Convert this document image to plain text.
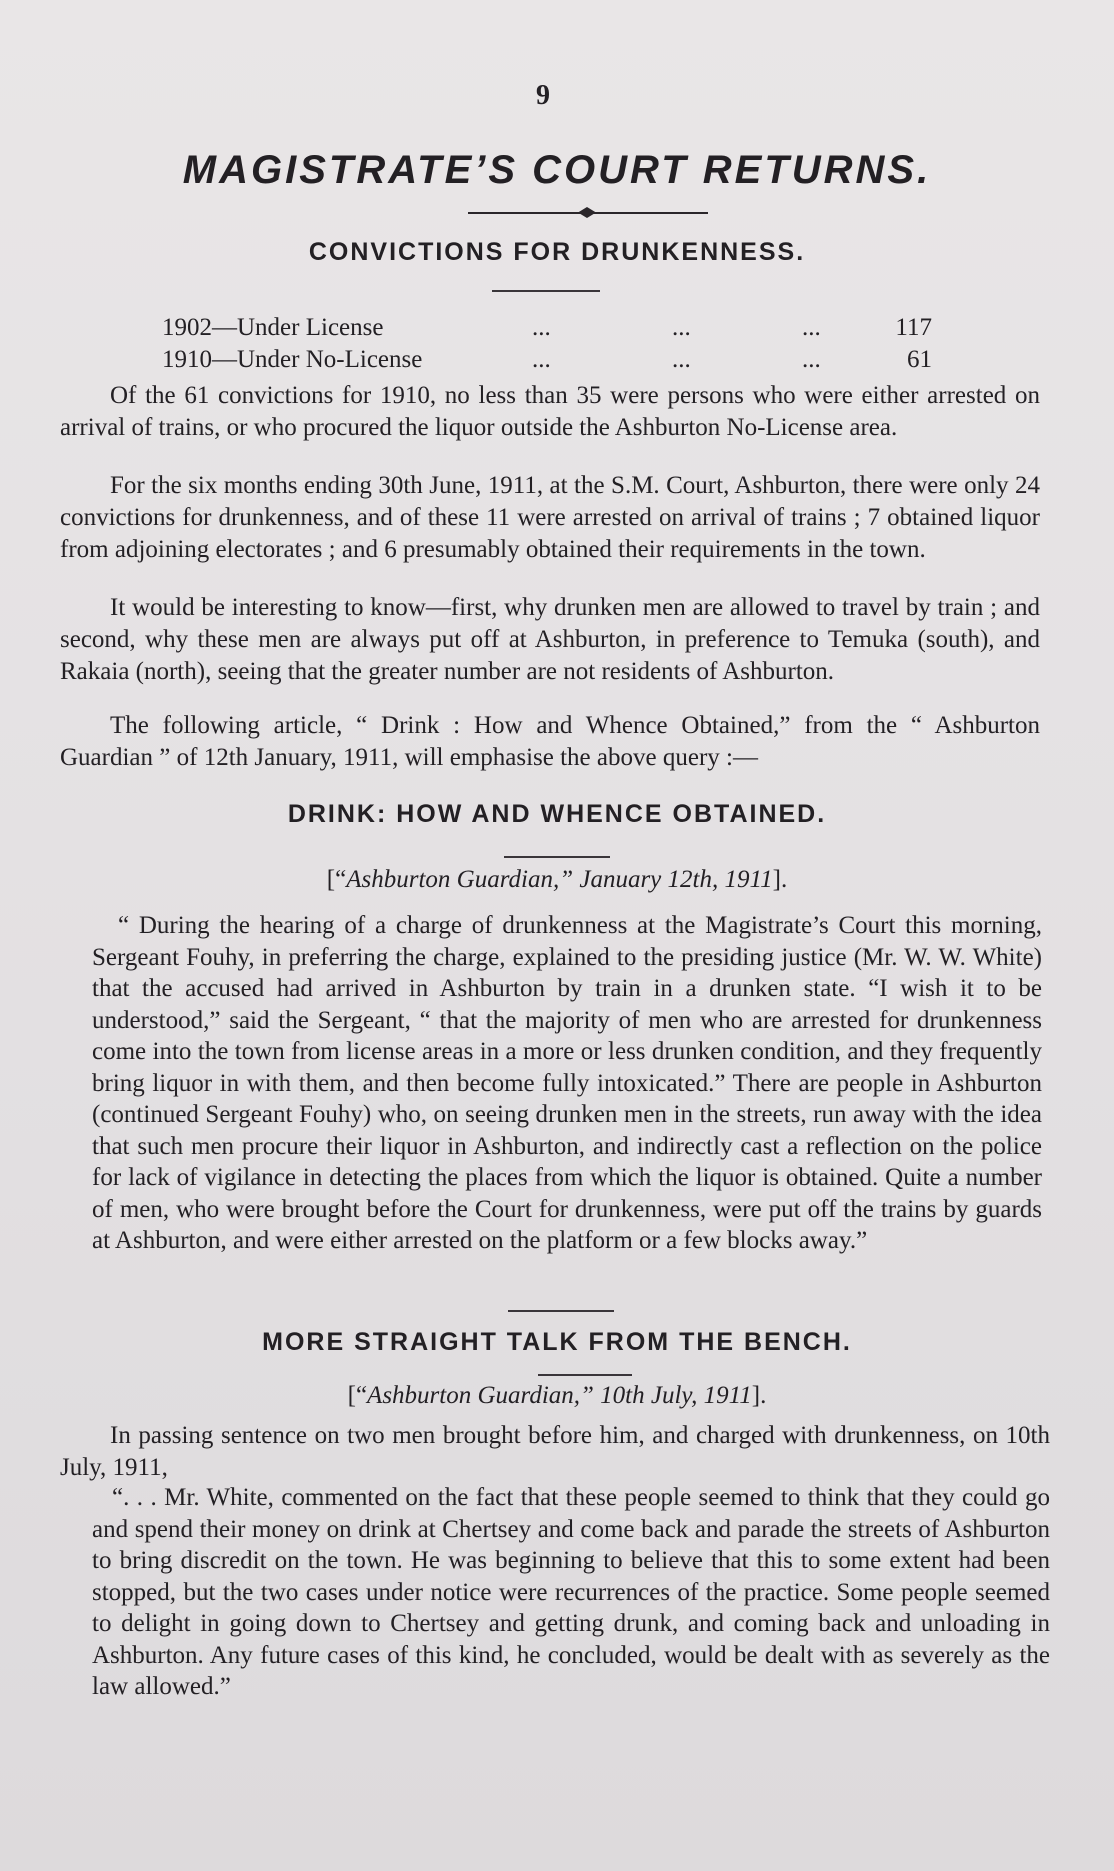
9
MAGISTRATE’S COURT RETURNS.
CONVICTIONS FOR DRUNKENNESS.
1902—Under License	...	...	...	117
1910—Under No-License	...	...	...	61

Of the 61 convictions for 1910, no less than 35 were persons who were either arrested on arrival of trains, or who procured the liquor outside the Ashburton No-License area.

For the six months ending 30th June, 1911, at the S.M. Court, Ashburton, there were only 24 convictions for drunkenness, and of these 11 were arrested on arrival of trains ; 7 obtained liquor from adjoining electorates ; and 6 presumably obtained their requirements in the town.

It would be interesting to know—first, why drunken men are allowed to travel by train ; and second, why these men are always put off at Ashburton, in preference to Temuka (south), and Rakaia (north), seeing that the greater number are not residents of Ashburton.

The following article, “ Drink : How and Whence Obtained,” from the “ Ashburton Guardian ” of 12th January, 1911, will emphasise the above query :—

DRINK: HOW AND WHENCE OBTAINED.
[“Ashburton Guardian,” January 12th, 1911].

“ During the hearing of a charge of drunkenness at the Magistrate’s Court this morning, Sergeant Fouhy, in preferring the charge, explained to the presiding justice (Mr. W. W. White) that the accused had arrived in Ashburton by train in a drunken state. “I wish it to be understood,” said the Sergeant, “ that the majority of men who are arrested for drunkenness come into the town from license areas in a more or less drunken condition, and they frequently bring liquor in with them, and then become fully intoxicated.” There are people in Ashburton (continued Sergeant Fouhy) who, on seeing drunken men in the streets, run away with the idea that such men procure their liquor in Ashburton, and indirectly cast a reflection on the police for lack of vigilance in detecting the places from which the liquor is obtained. Quite a number of men, who were brought before the Court for drunkenness, were put off the trains by guards at Ashburton, and were either arrested on the platform or a few blocks away.”

MORE STRAIGHT TALK FROM THE BENCH.
[“Ashburton Guardian,” 10th July, 1911].

In passing sentence on two men brought before him, and charged with drunkenness, on 10th July, 1911,

“. . . Mr. White, commented on the fact that these people seemed to think that they could go and spend their money on drink at Chertsey and come back and parade the streets of Ashburton to bring discredit on the town. He was beginning to believe that this to some extent had been stopped, but the two cases under notice were recurrences of the practice. Some people seemed to delight in going down to Chertsey and getting drunk, and coming back and unloading in Ashburton. Any future cases of this kind, he concluded, would be dealt with as severely as the law allowed.”
